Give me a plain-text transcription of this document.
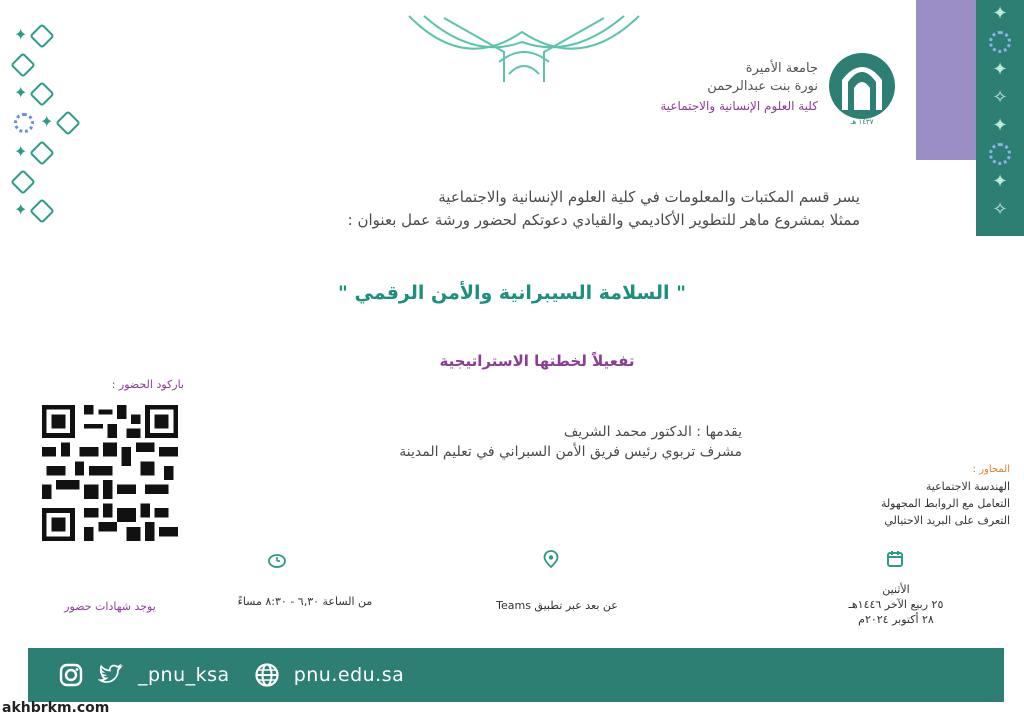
✦
✦
✦
✦
✦
✦
✦
✧
✦
✦
✧
١٤٣٧ هـ
جامعة الأميرة
نورة بنت عبدالرحمن
كلية العلوم الإنسانية والاجتماعية
يسر قسم المكتبات والمعلومات في كلية العلوم الإنسانية والاجتماعية
ممثلا بمشروع ماهر للتطوير الأكاديمي والقيادي دعوتكم لحضور ورشة عمل بعنوان :
" السلامة السيبرانية والأمن الرقمي "
تفعيلاً لخطتها الاستراتيجية
باركود الحضور :
يقدمها : الدكتور محمد الشريف
مشرف تربوي رئيس فريق الأمن السبراني في تعليم المدينة
المحاور :
الهندسة الاجتماعية
التعامل مع الروابط المجهولة
التعرف على البريد الاحتيالي
الأثنين
٢٥ ربيع الآخر ١٤٤٦هـ
٢٨ أكتوبر ٢٠٢٤م
عن بعد عبر تطبيق Teams
من الساعة ٦,٣٠ - ٨:٣٠ مساءً
يوجد شهادات حضور
_pnu_ksa	pnu.edu.sa
akhbrkm.com
